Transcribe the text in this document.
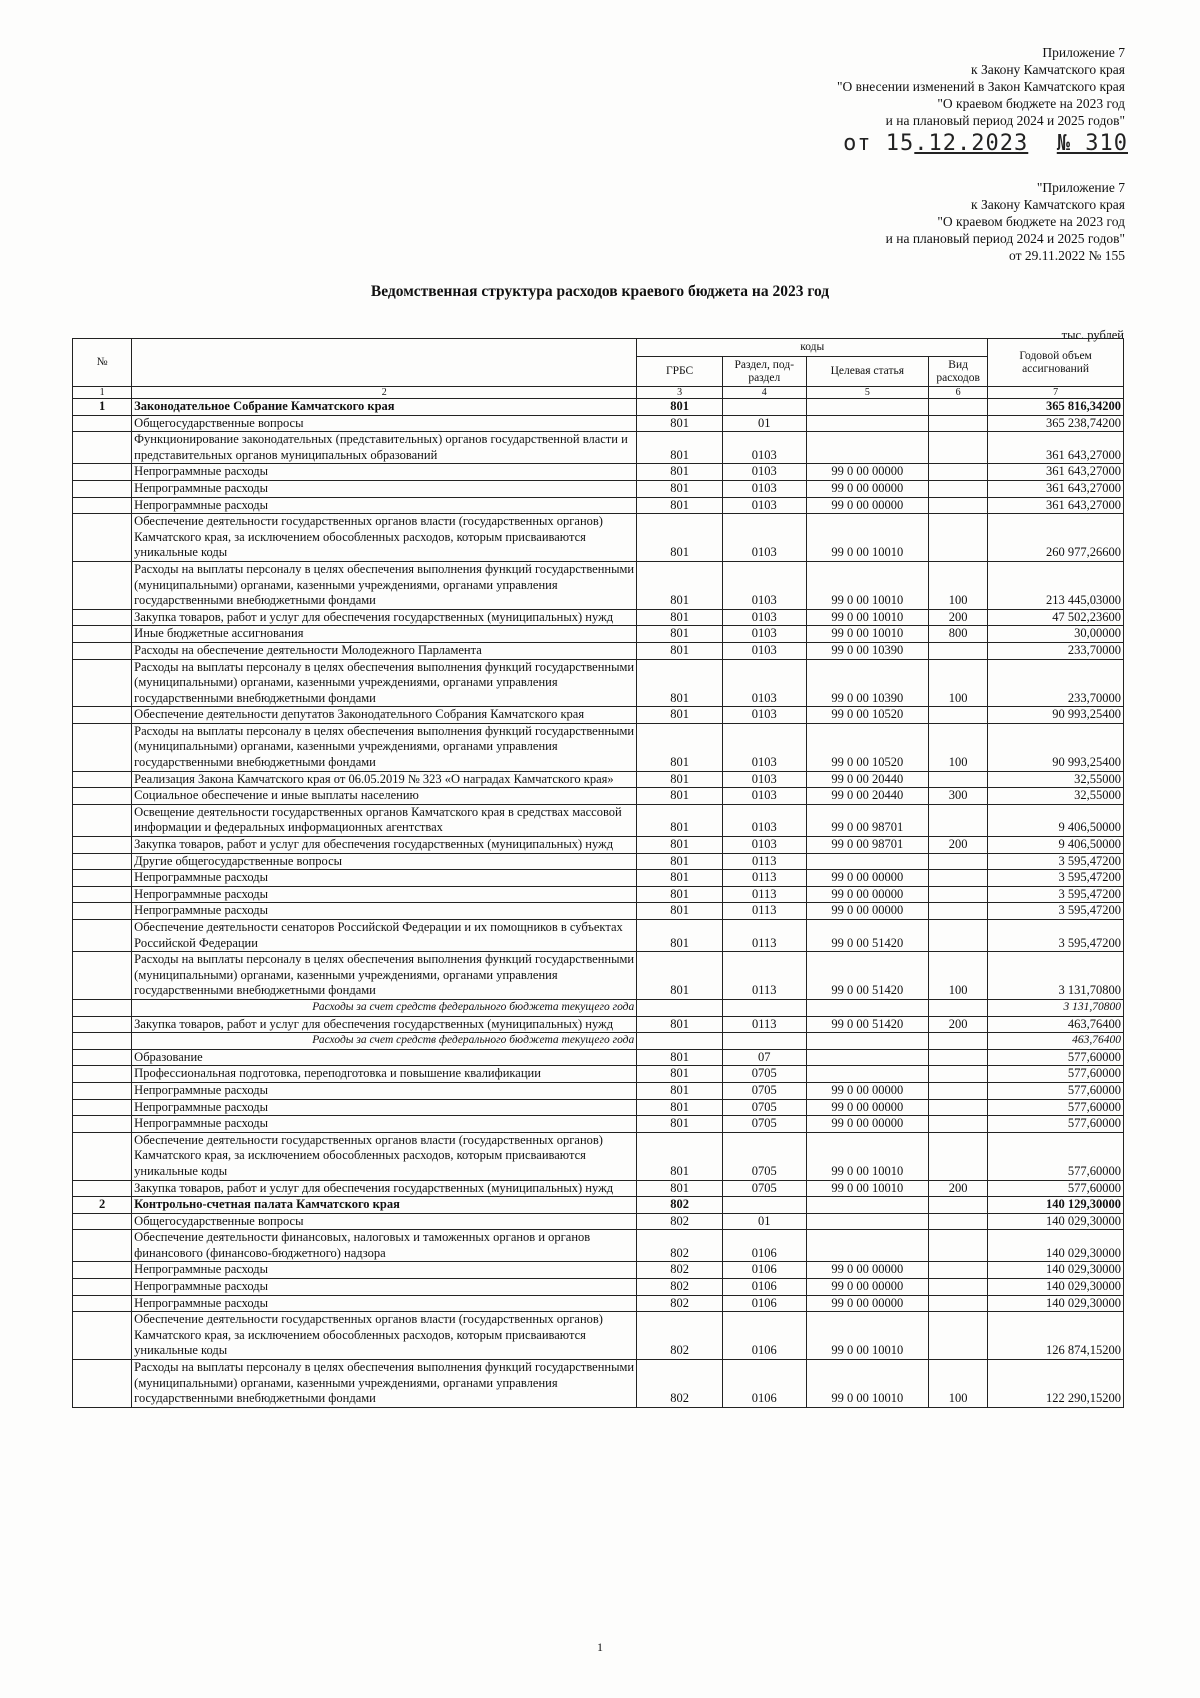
Приложение 7
к Закону Камчатского края
"О внесении изменений в Закон Камчатского края
"О краевом бюджете на 2023 год
и на плановый период 2024 и 2025 годов"
от 15.12.2023 № 310
"Приложение 7
к Закону Камчатского края
"О краевом бюджете на 2023 год
и на плановый период 2024 и 2025 годов"
от 29.11.2022 № 155
Ведомственная структура расходов краевого бюджета на 2023 год
тыс. рублей
№		коды				Годовой объем ассигнований
		ГРБС	Раздел, под-раздел	Целевая статья	Вид расходов	
1	2	3	4	5	6	7
1	Законодательное Собрание Камчатского края	801				365 816,34200
	Общегосударственные вопросы	801	01			365 238,74200
	Функционирование законодательных (представительных) органов государственной власти и представительных органов муниципальных образований	801	0103			361 643,27000
	Непрограммные расходы	801	0103	99 0 00 00000		361 643,27000
	Непрограммные расходы	801	0103	99 0 00 00000		361 643,27000
	Непрограммные расходы	801	0103	99 0 00 00000		361 643,27000
	Обеспечение деятельности государственных органов власти (государственных органов) Камчатского края, за исключением обособленных расходов, которым присваиваются уникальные коды	801	0103	99 0 00 10010		260 977,26600
	Расходы на выплаты персоналу в целях обеспечения выполнения функций государственными (муниципальными) органами, казенными учреждениями, органами управления государственными внебюджетными фондами	801	0103	99 0 00 10010	100	213 445,03000
	Закупка товаров, работ и услуг для обеспечения государственных (муниципальных) нужд	801	0103	99 0 00 10010	200	47 502,23600
	Иные бюджетные ассигнования	801	0103	99 0 00 10010	800	30,00000
	Расходы на обеспечение деятельности Молодежного Парламента	801	0103	99 0 00 10390		233,70000
	Расходы на выплаты персоналу в целях обеспечения выполнения функций государственными (муниципальными) органами, казенными учреждениями, органами управления государственными внебюджетными фондами	801	0103	99 0 00 10390	100	233,70000
	Обеспечение деятельности депутатов Законодательного Собрания Камчатского края	801	0103	99 0 00 10520		90 993,25400
	Расходы на выплаты персоналу в целях обеспечения выполнения функций государственными (муниципальными) органами, казенными учреждениями, органами управления государственными внебюджетными фондами	801	0103	99 0 00 10520	100	90 993,25400
	Реализация Закона Камчатского края от 06.05.2019 № 323 «О наградах Камчатского края»	801	0103	99 0 00 20440		32,55000
	Социальное обеспечение и иные выплаты населению	801	0103	99 0 00 20440	300	32,55000
	Освещение деятельности государственных органов Камчатского края в средствах массовой информации и федеральных информационных агентствах	801	0103	99 0 00 98701		9 406,50000
	Закупка товаров, работ и услуг для обеспечения государственных (муниципальных) нужд	801	0103	99 0 00 98701	200	9 406,50000
	Другие общегосударственные вопросы	801	0113			3 595,47200
	Непрограммные расходы	801	0113	99 0 00 00000		3 595,47200
	Непрограммные расходы	801	0113	99 0 00 00000		3 595,47200
	Непрограммные расходы	801	0113	99 0 00 00000		3 595,47200
	Обеспечение деятельности сенаторов Российской Федерации и их помощников в субъектах Российской Федерации	801	0113	99 0 00 51420		3 595,47200
	Расходы на выплаты персоналу в целях обеспечения выполнения функций государственными (муниципальными) органами, казенными учреждениями, органами управления государственными внебюджетными фондами	801	0113	99 0 00 51420	100	3 131,70800
	Расходы за счет средств федерального бюджета текущего года					3 131,70800
	Закупка товаров, работ и услуг для обеспечения государственных (муниципальных) нужд	801	0113	99 0 00 51420	200	463,76400
	Расходы за счет средств федерального бюджета текущего года					463,76400
	Образование	801	07			577,60000
	Профессиональная подготовка, переподготовка и повышение квалификации	801	0705			577,60000
	Непрограммные расходы	801	0705	99 0 00 00000		577,60000
	Непрограммные расходы	801	0705	99 0 00 00000		577,60000
	Непрограммные расходы	801	0705	99 0 00 00000		577,60000
	Обеспечение деятельности государственных органов власти (государственных органов) Камчатского края, за исключением обособленных расходов, которым присваиваются уникальные коды	801	0705	99 0 00 10010		577,60000
	Закупка товаров, работ и услуг для обеспечения государственных (муниципальных) нужд	801	0705	99 0 00 10010	200	577,60000
2	Контрольно-счетная палата Камчатского края	802				140 129,30000
	Общегосударственные вопросы	802	01			140 029,30000
	Обеспечение деятельности финансовых, налоговых и таможенных органов и органов финансового (финансово-бюджетного) надзора	802	0106			140 029,30000
	Непрограммные расходы	802	0106	99 0 00 00000		140 029,30000
	Непрограммные расходы	802	0106	99 0 00 00000		140 029,30000
	Непрограммные расходы	802	0106	99 0 00 00000		140 029,30000
	Обеспечение деятельности государственных органов власти (государственных органов) Камчатского края, за исключением обособленных расходов, которым присваиваются уникальные коды	802	0106	99 0 00 10010		126 874,15200
	Расходы на выплаты персоналу в целях обеспечения выполнения функций государственными (муниципальными) органами, казенными учреждениями, органами управления государственными внебюджетными фондами	802	0106	99 0 00 10010	100	122 290,15200
1
